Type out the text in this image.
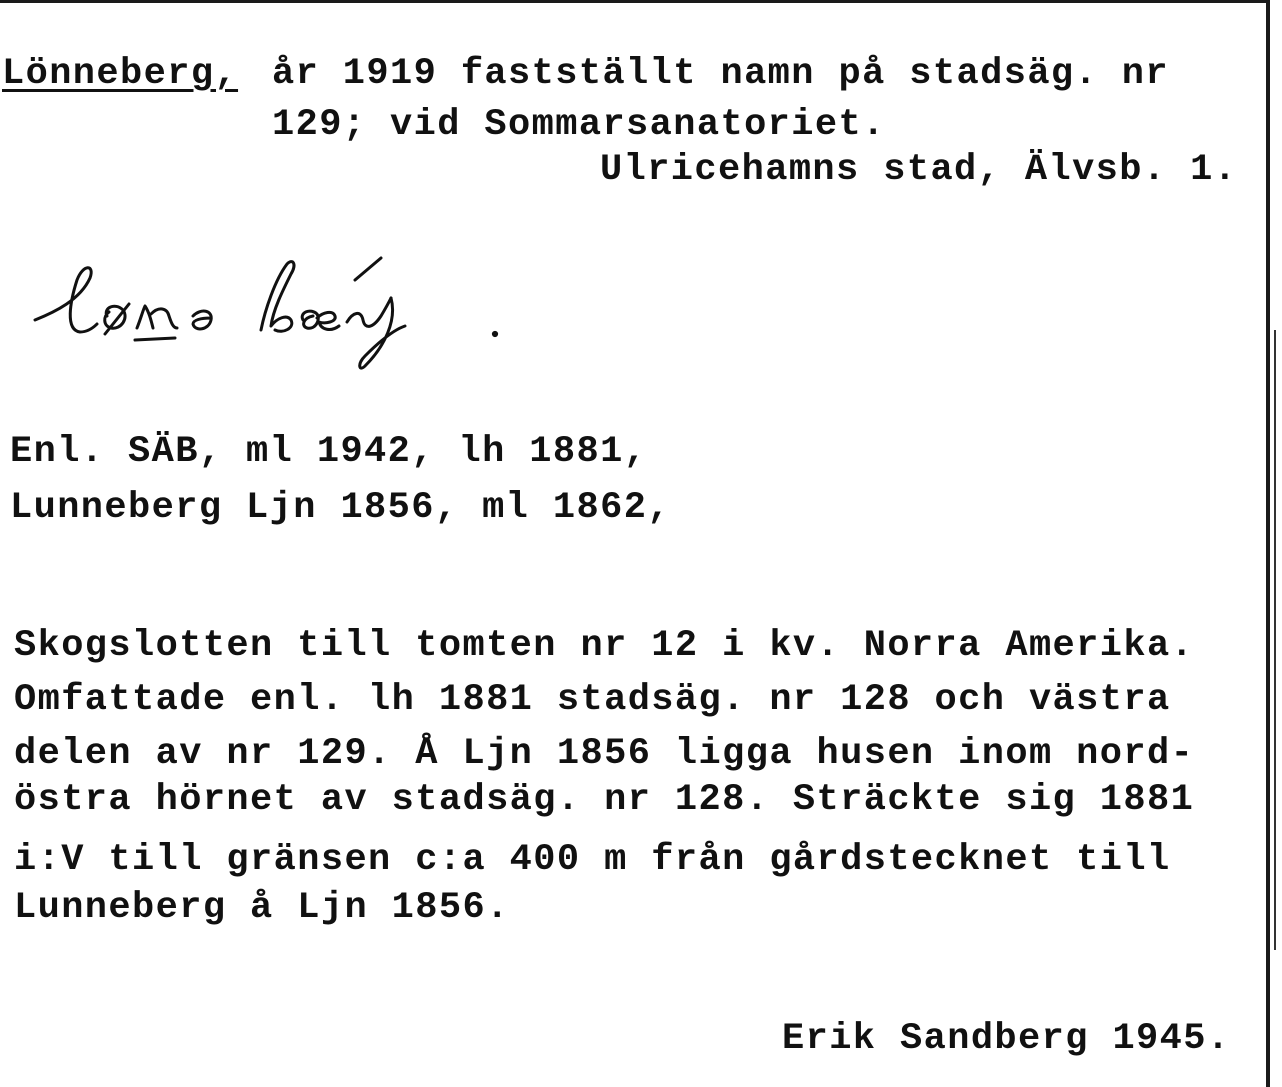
Lönneberg, år 1919 fastställt namn på stadsäg. nr
129; vid Sommarsanatoriet.
Ulricehamns stad, Älvsb. 1.
Enl. SÄB, ml 1942, lh 1881,
Lunneberg Ljn 1856, ml 1862,
Skogslotten till tomten nr 12 i kv. Norra Amerika.
Omfattade enl. lh 1881 stadsäg. nr 128 och västra
delen av nr 129. Å Ljn 1856 ligga husen inom nord-
östra hörnet av stadsäg. nr 128. Sträckte sig 1881
i:V till gränsen c:a 400 m från gårdstecknet till
Lunneberg å Ljn 1856.
Erik Sandberg 1945.
